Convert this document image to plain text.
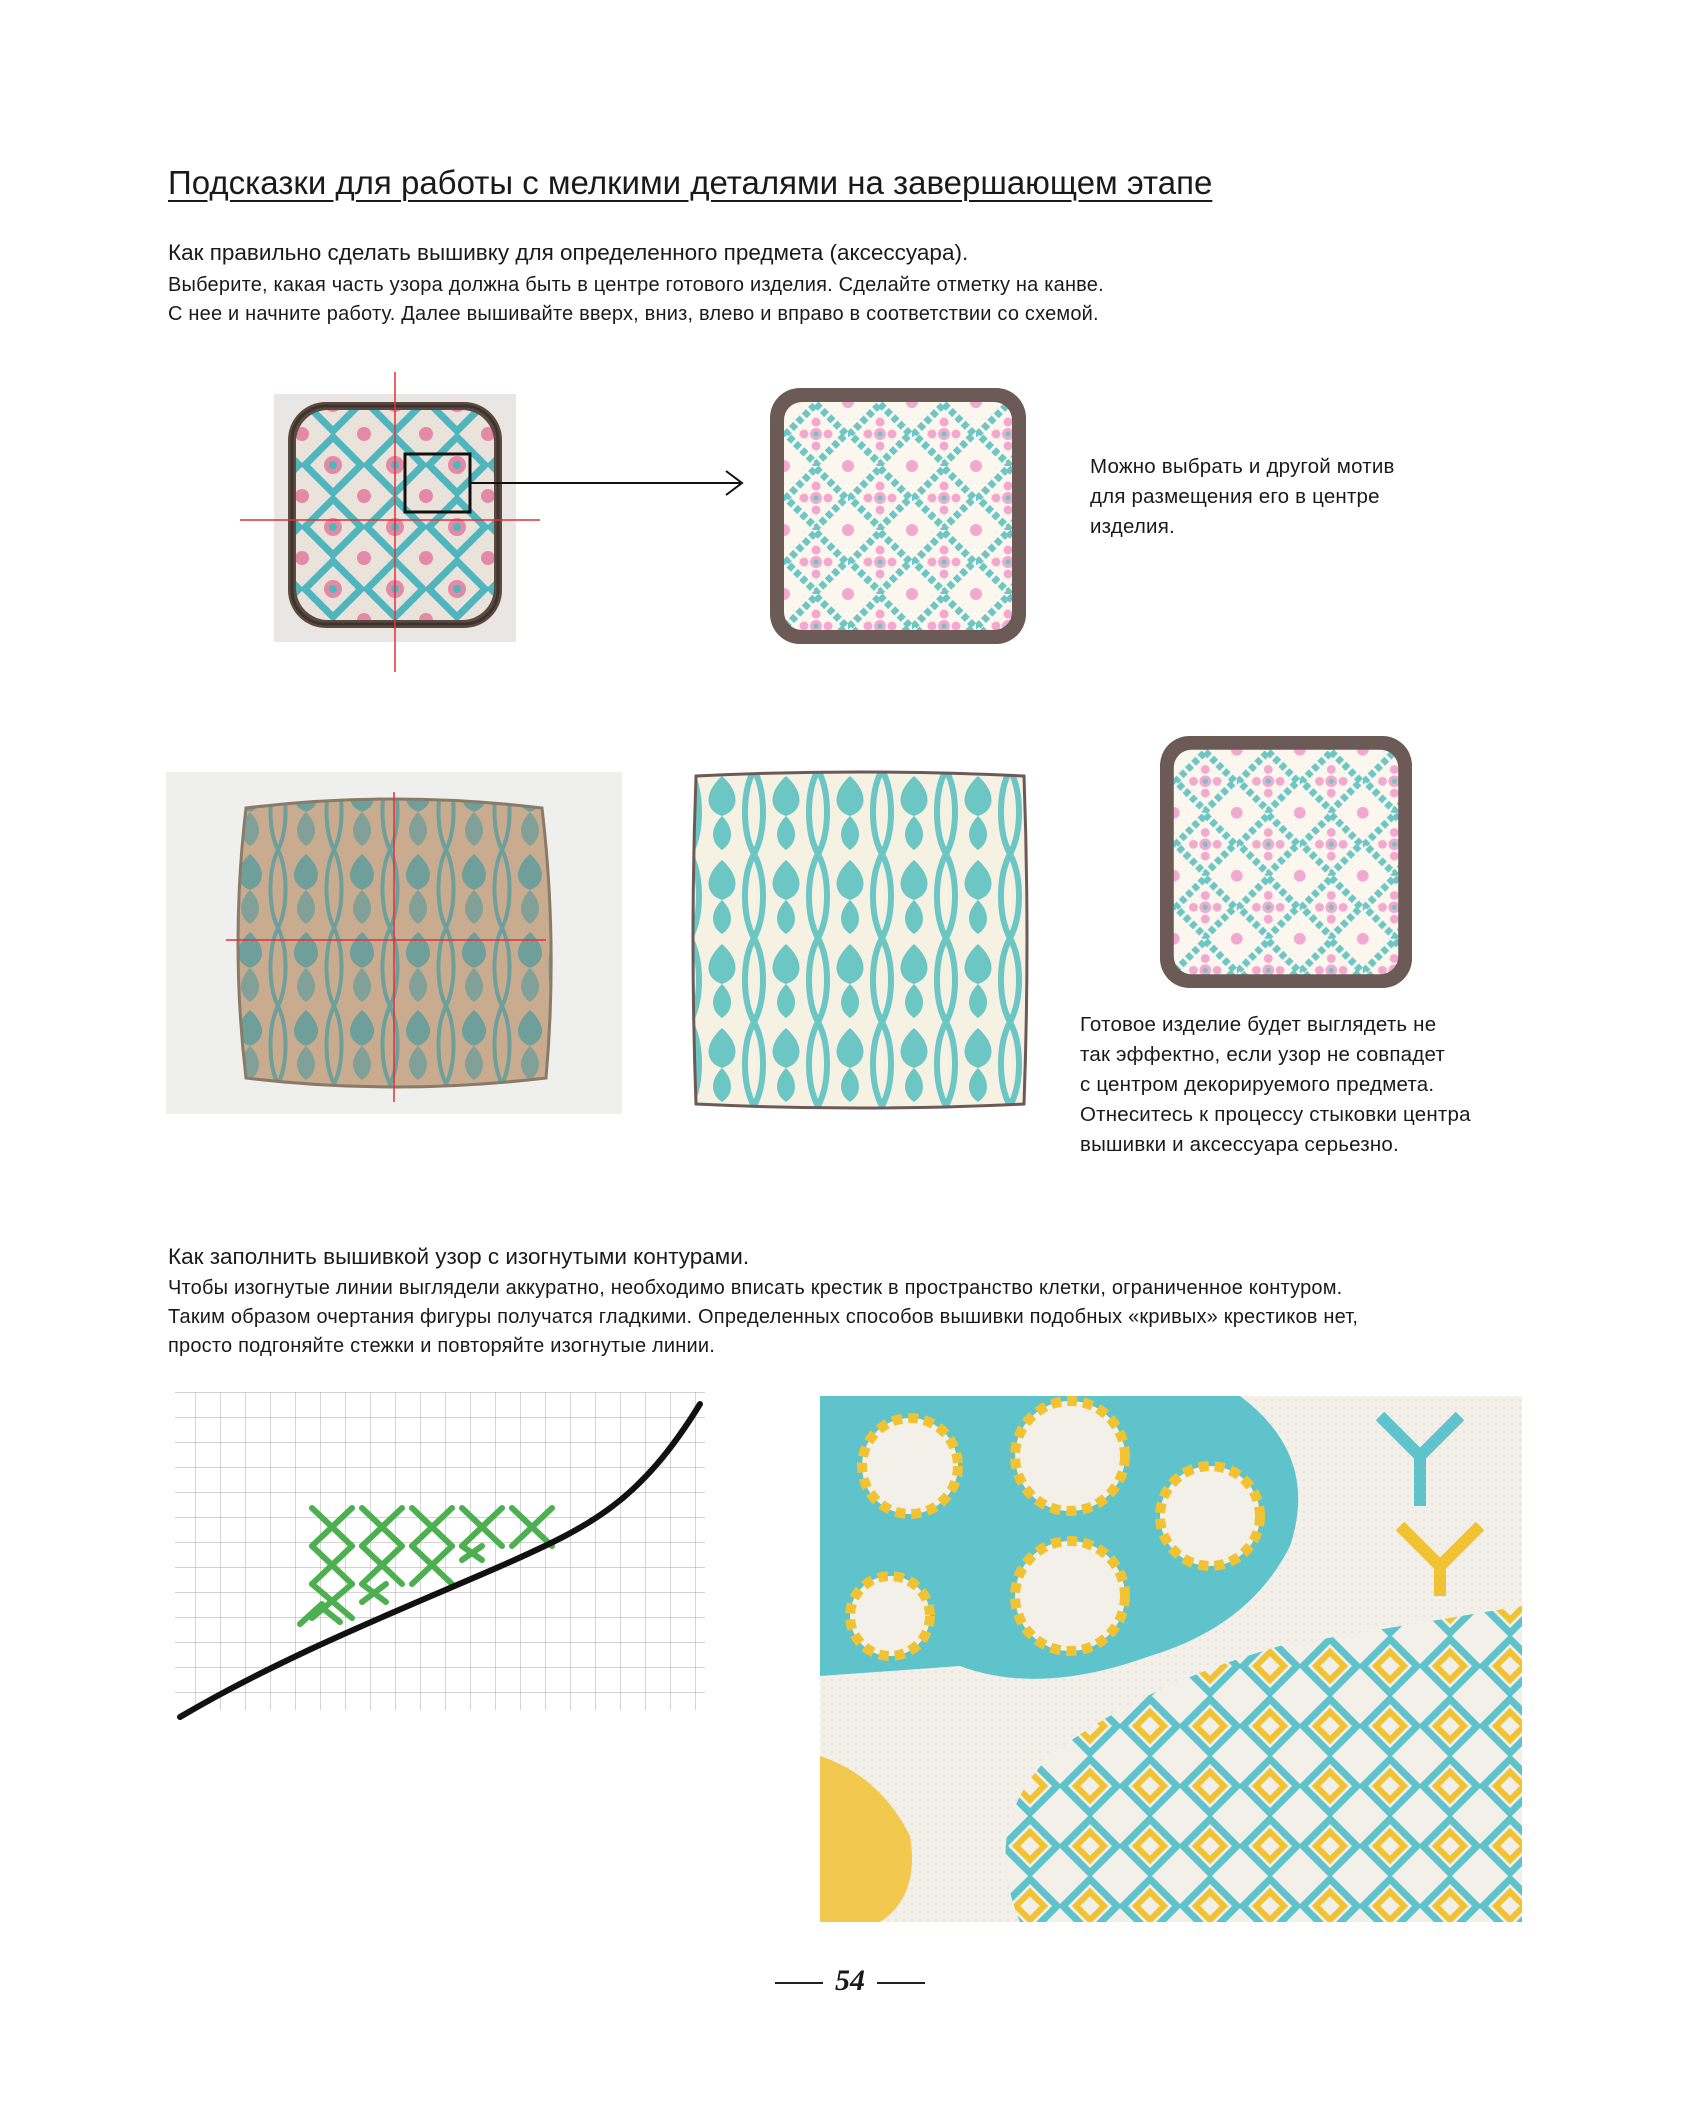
Подсказки для работы с мелкими деталями на завершающем этапе
Как правильно сделать вышивку для определенного предмета (аксессуара).
Выберите, какая часть узора должна быть в центре готового изделия. Сделайте отметку на канве.
С нее и начните работу. Далее вышивайте вверх, вниз, влево и вправо в соответствии со схемой.
Можно выбрать и другой мотив
для размещения его в центре
изделия.
Готовое изделие будет выглядеть не
так эффектно, если узор не совпадет
с центром декорируемого предмета.
Отнеситесь к процессу стыковки центра
вышивки и аксессуара серьезно.
Как заполнить вышивкой узор с изогнутыми контурами.
Чтобы изогнутые линии выглядели аккуратно, необходимо вписать крестик в пространство клетки, ограниченное контуром.
Таким образом очертания фигуры получатся гладкими. Определенных способов вышивки подобных «кривых» крестиков нет,
просто подгоняйте стежки и повторяйте изогнутые линии.
54
